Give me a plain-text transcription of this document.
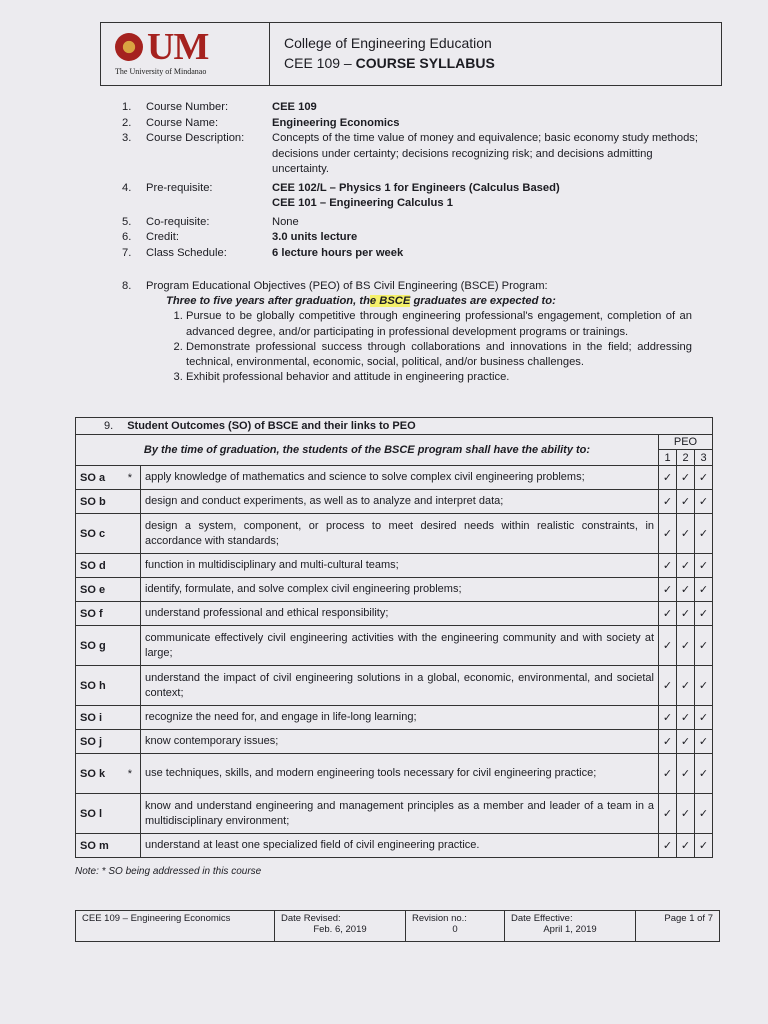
UM
The University of Mindanao
College of Engineering Education
CEE 109 – COURSE SYLLABUS
1.	Course Number:	CEE 109
2.	Course Name:	Engineering Economics
3.	Course Description:	Concepts of the time value of money and equivalence; basic economy study methods; decisions under certainty; decisions recognizing risk; and decisions admitting uncertainty.
4.	Pre-requisite:	CEE 102/L – Physics 1 for Engineers (Calculus Based)
CEE 101 – Engineering Calculus 1
5.	Co-requisite:	None
6.	Credit:	3.0 units lecture
7.	Class Schedule:	6 lecture hours per week
8.	Program Educational Objectives (PEO) of BS Civil Engineering (BSCE) Program:
Three to five years after graduation, the BSCE graduates are expected to:
1. Pursue to be globally competitive through engineering professional's engagement, completion of an advanced degree, and/or participating in professional development programs or trainings.
2. Demonstrate professional success through collaborations and innovations in the field; addressing technical, environmental, economic, social, political, and/or business challenges.
3. Exhibit professional behavior and attitude in engineering practice.
9. Student Outcomes (SO) of BSCE and their links to PEO				
By the time of graduation, the students of the BSCE program shall have the ability to:		PEO		
		1	2	3
SO a *	apply knowledge of mathematics and science to solve complex civil engineering problems;	✓	✓	✓
SO b	design and conduct experiments, as well as to analyze and interpret data;	✓	✓	✓
SO c	design a system, component, or process to meet desired needs within realistic constraints, in accordance with standards;	✓	✓	✓
SO d	function in multidisciplinary and multi-cultural teams;	✓	✓	✓
SO e	identify, formulate, and solve complex civil engineering problems;	✓	✓	✓
SO f	understand professional and ethical responsibility;	✓	✓	✓
SO g	communicate effectively civil engineering activities with the engineering community and with society at large;	✓	✓	✓
SO h	understand the impact of civil engineering solutions in a global, economic, environmental, and societal context;	✓	✓	✓
SO i	recognize the need for, and engage in life-long learning;	✓	✓	✓
SO j	know contemporary issues;	✓	✓	✓
SO k *	use techniques, skills, and modern engineering tools necessary for civil engineering practice;	✓	✓	✓
SO l	know and understand engineering and management principles as a member and leader of a team in a multidisciplinary environment;	✓	✓	✓
SO m	understand at least one specialized field of civil engineering practice.	✓	✓	✓
Note: * SO being addressed in this course
CEE 109 – Engineering Economics	Date Revised:
Feb. 6, 2019

Revision no.:
0

Date Effective:
April 1, 2019
	Page 1 of 7
